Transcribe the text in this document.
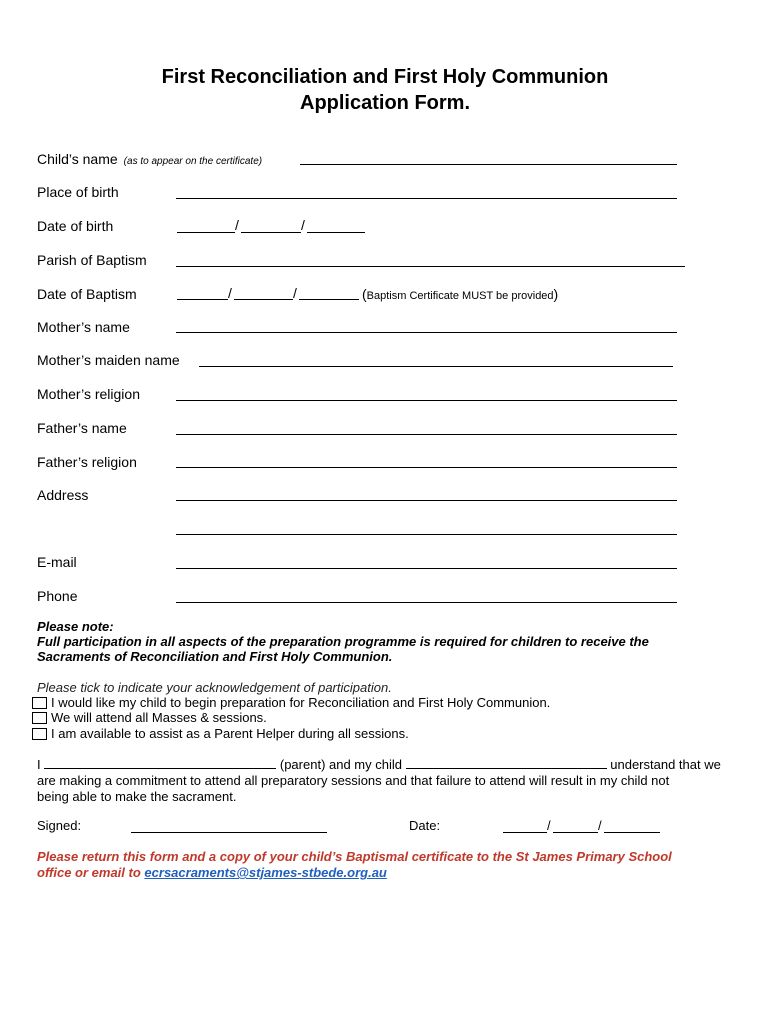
First Reconciliation and First Holy Communion
Application Form.
Child’s name (as to appear on the certificate)
Place of birth
Date of birth	/	/
Parish of Baptism
Date of Baptism	/	/	(Baptism Certificate MUST be provided)
Mother’s name
Mother’s maiden name
Mother’s religion
Father’s name
Father’s religion
Address
E-mail
Phone
Please note:
Full participation in all aspects of the preparation programme is required for children to receive the
Sacraments of Reconciliation and First Holy Communion.
Please tick to indicate your acknowledgement of participation.
I would like my child to begin preparation for Reconciliation and First Holy Communion.
We will attend all Masses & sessions.
I am available to assist as a Parent Helper during all sessions.
I	(parent) and my child	understand that we
are making a commitment to attend all preparatory sessions and that failure to attend will result in my child not
being able to make the sacrament.
Signed:	Date:	/	/
Please return this form and a copy of your child’s Baptismal certificate to the St James Primary School
office or email to ecrsacraments@stjames-stbede.org.au
